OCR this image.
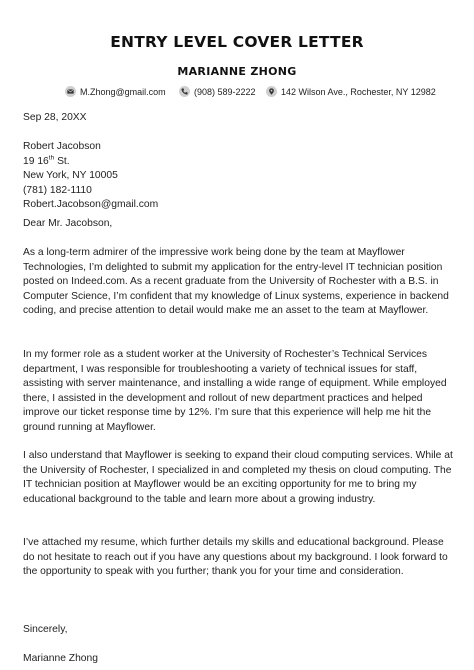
ENTRY LEVEL COVER LETTER
MARIANNE ZHONG
M.Zhong@gmail.com	(908) 589-2222	142 Wilson Ave., Rochester, NY 12982
Sep 28, 20XX
Robert Jacobson
19 16th St.
New York, NY 10005
(781) 182-1110
Robert.Jacobson@gmail.com
Dear Mr. Jacobson,

As a long-term admirer of the impressive work being done by the team at Mayflower Technologies, I’m delighted to submit my application for the entry-level IT technician position posted on Indeed.com. As a recent graduate from the University of Rochester with a B.S. in Computer Science, I’m confident that my knowledge of Linux systems, experience in backend coding, and precise attention to detail would make me an asset to the team at Mayflower.

In my former role as a student worker at the University of Rochester’s Technical Services department, I was responsible for troubleshooting a variety of technical issues for staff, assisting with server maintenance, and installing a wide range of equipment. While employed there, I assisted in the development and rollout of new department practices and helped improve our ticket response time by 12%. I’m sure that this experience will help me hit the ground running at Mayflower.

I also understand that Mayflower is seeking to expand their cloud computing services. While at the University of Rochester, I specialized in and completed my thesis on cloud computing. The IT technician position at Mayflower would be an exciting opportunity for me to bring my educational background to the table and learn more about a growing industry.

I’ve attached my resume, which further details my skills and educational background. Please do not hesitate to reach out if you have any questions about my background. I look forward to the opportunity to speak with you further; thank you for your time and consideration.

Sincerely,
Marianne Zhong
